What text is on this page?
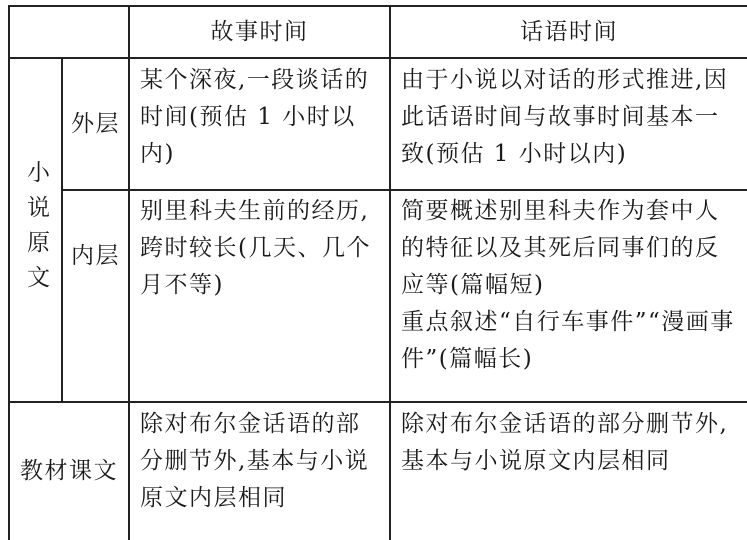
故事时间	话语时间
小说原文
外层

某个深夜,一段谈话的时间(预估 1 小时以内)

由于小说以对话的形式推进,因此话语时间与故事时间基本一致(预估 1 小时以内)

内层

别里科夫生前的经历,跨时较长(几天、几个月不等)

简要概述别里科夫作为套中人的特征以及其死后同事们的反应等(篇幅短)

重点叙述“自行车事件”“漫画事件”(篇幅长)

教材课文

除对布尔金话语的部分删节外,基本与小说原文内层相同

除对布尔金话语的部分删节外,基本与小说原文内层相同
